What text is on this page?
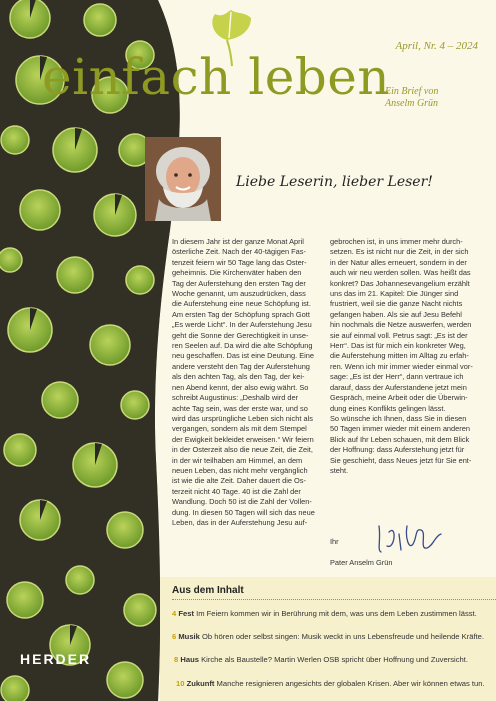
April, Nr. 4 – 2024
einfach leben
Ein Brief von
Anselm Grün
Liebe Leserin, lieber Leser!

In diesem Jahr ist der ganze Monat April

österliche Zeit. Nach der 40-tägigen Fas-

tenzeit feiern wir 50 Tage lang das Oster-

geheimnis. Die Kirchenväter haben den

Tag der Auferstehung den ersten Tag der

Woche genannt, um auszudrücken, dass

die Auferstehung eine neue Schöpfung ist.

Am ersten Tag der Schöpfung sprach Gott

„Es werde Licht“. In der Auferstehung Jesu

geht die Sonne der Gerechtigkeit in unse-

ren Seelen auf. Da wird die alte Schöpfung

neu geschaffen. Das ist eine Deutung. Eine

andere versteht den Tag der Auferstehung

als den achten Tag, als den Tag, der kei-

nen Abend kennt, der also ewig währt. So

schreibt Augustinus: „Deshalb wird der

achte Tag sein, was der erste war, und so

wird das ursprüngliche Leben sich nicht als

vergangen, sondern als mit dem Stempel

der Ewigkeit bekleidet erweisen.“ Wir feiern

in der Osterzeit also die neue Zeit, die Zeit,

in der wir teilhaben am Himmel, an dem

neuen Leben, das nicht mehr vergänglich

ist wie die alte Zeit. Daher dauert die Os-

terzeit nicht 40 Tage. 40 ist die Zahl der

Wandlung. Doch 50 ist die Zahl der Vollen-

dung. In diesen 50 Tagen will sich das neue

Leben, das in der Auferstehung Jesu auf-

gebrochen ist, in uns immer mehr durch-

setzen. Es ist nicht nur die Zeit, in der sich

in der Natur alles erneuert, sondern in der

auch wir neu werden sollen. Was heißt das

konkret? Das Johannesevangelium erzählt

uns das im 21. Kapitel: Die Jünger sind

frustriert, weil sie die ganze Nacht nichts

gefangen haben. Als sie auf Jesu Befehl

hin nochmals die Netze auswerfen, werden

sie auf einmal voll. Petrus sagt: „Es ist der

Herr“. Das ist für mich ein konkreter Weg,

die Auferstehung mitten im Alltag zu erfah-

ren. Wenn ich mir immer wieder einmal vor-

sage: „Es ist der Herr“, dann vertraue ich

darauf, dass der Auferstandene jetzt mein

Gespräch, meine Arbeit oder die Überwin-

dung eines Konflikts gelingen lässt.

So wünsche ich Ihnen, dass Sie in diesen

50 Tagen immer wieder mit einem anderen

Blick auf Ihr Leben schauen, mit dem Blick

der Hoffnung: dass Auferstehung jetzt für

Sie geschieht, dass Neues jetzt für Sie ent-

steht.

Ihr
Pater Anselm Grün
Aus dem Inhalt
4 Fest Im Feiern kommen wir in Berührung mit dem, was uns dem Leben zustimmen lässt.
6 Musik Ob hören oder selbst singen: Musik weckt in uns Lebensfreude und heilende Kräfte.
8 Haus Kirche als Baustelle? Martin Werlen OSB spricht über Hoffnung und Zuversicht.
10 Zukunft Manche resignieren angesichts der globalen Krisen. Aber wir können etwas tun.
HERDER
